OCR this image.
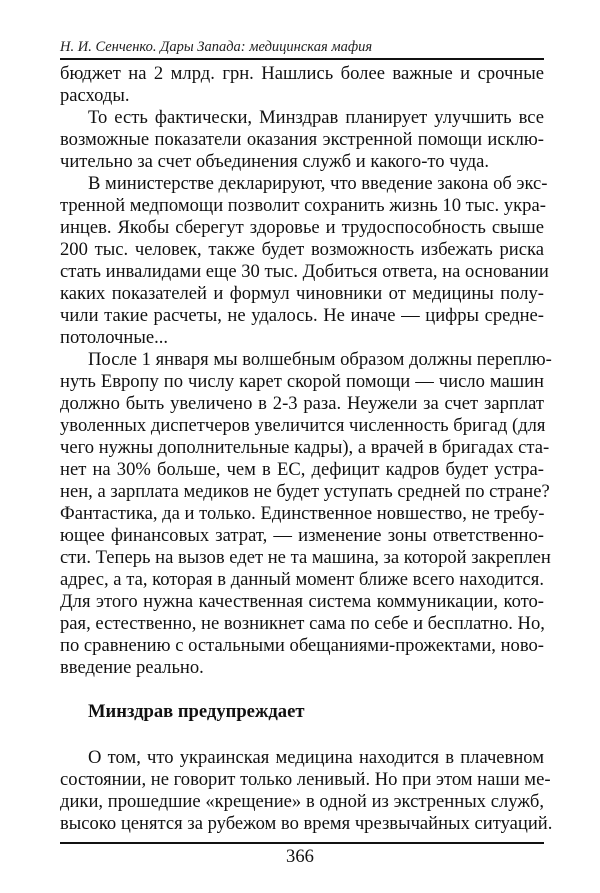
Н. И. Сенченко. Дары Запада: медицинская мафия
бюджет на 2 млрд. грн. Нашлись более важные и срочные
расходы.
То есть фактически, Минздрав планирует улучшить все
возможные показатели оказания экстренной помощи исклю-
чительно за счет объединения служб и какого-то чуда.
В министерстве декларируют, что введение закона об экс-
тренной медпомощи позволит сохранить жизнь 10 тыс. укра-
инцев. Якобы сберегут здоровье и трудоспособность свыше
200 тыс. человек, также будет возможность избежать риска
стать инвалидами еще 30 тыс. Добиться ответа, на основании
каких показателей и формул чиновники от медицины полу-
чили такие расчеты, не удалось. Не иначе — цифры средне-
потолочные...
После 1 января мы волшебным образом должны переплю-
нуть Европу по числу карет скорой помощи — число машин
должно быть увеличено в 2-3 раза. Неужели за счет зарплат
уволенных диспетчеров увеличится численность бригад (для
чего нужны дополнительные кадры), а врачей в бригадах ста-
нет на 30% больше, чем в ЕС, дефицит кадров будет устра-
нен, а зарплата медиков не будет уступать средней по стране?
Фантастика, да и только. Единственное новшество, не требу-
ющее финансовых затрат, — изменение зоны ответственно-
сти. Теперь на вызов едет не та машина, за которой закреплен
адрес, а та, которая в данный момент ближе всего находится.
Для этого нужна качественная система коммуникации, кото-
рая, естественно, не возникнет сама по себе и бесплатно. Но,
по сравнению с остальными обещаниями-прожектами, ново-
введение реально.
Минздрав предупреждает
О том, что украинская медицина находится в плачевном
состоянии, не говорит только ленивый. Но при этом наши ме-
дики, прошедшие «крещение» в одной из экстренных служб,
высоко ценятся за рубежом во время чрезвычайных ситуаций.
366
